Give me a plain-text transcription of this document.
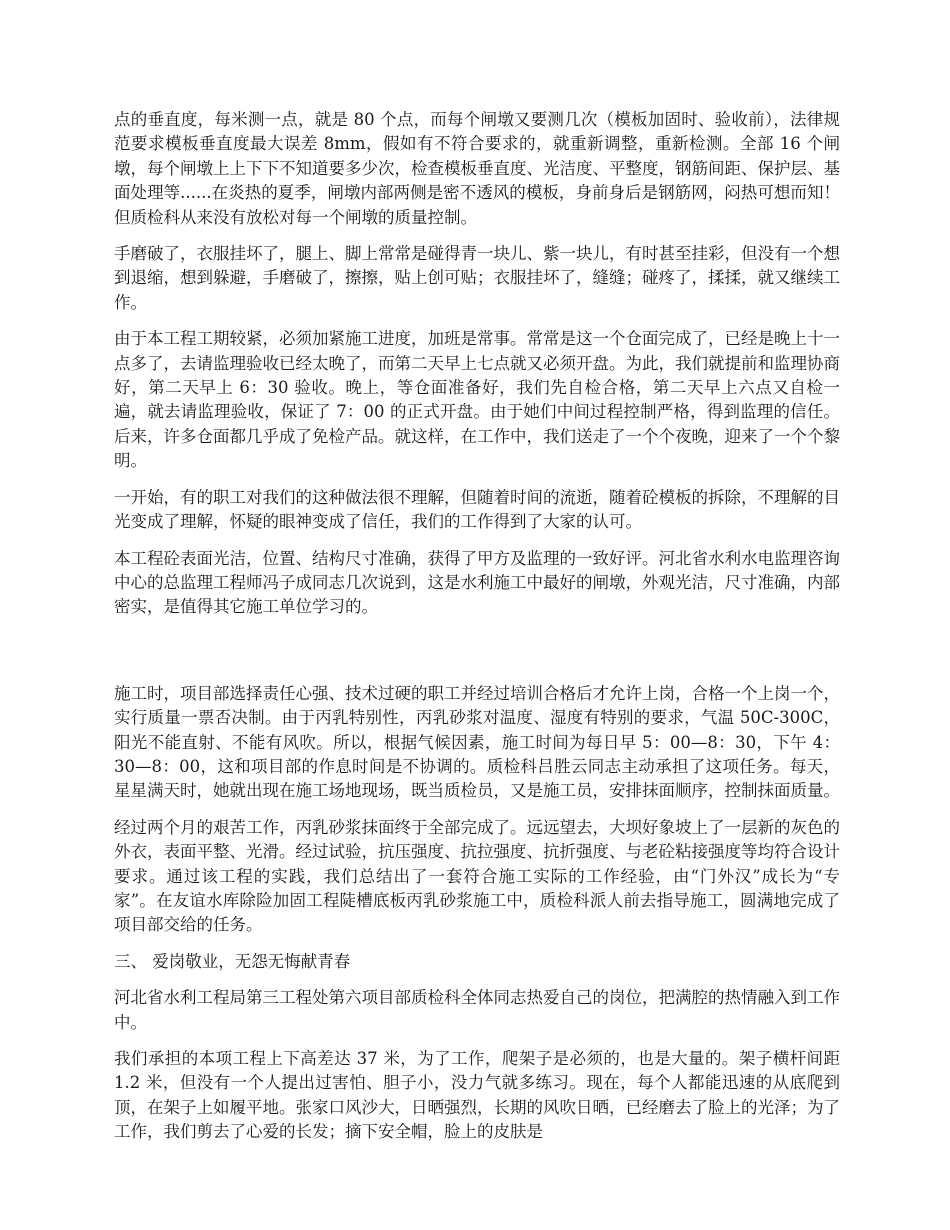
点的垂直度，每米测一点，就是 80 个点，而每个闸墩又要测几次（模板加固时、验收前），法律规范要求模板垂直度最大误差 8mm，假如有不符合要求的，就重新调整，重新检测。全部 16 个闸墩，每个闸墩上上下下不知道要多少次，检查模板垂直度、光洁度、平整度，钢筋间距、保护层、基面处理等......在炎热的夏季，闸墩内部两侧是密不透风的模板，身前身后是钢筋网，闷热可想而知！但质检科从来没有放松对每一个闸墩的质量控制。

手磨破了，衣服挂坏了，腿上、脚上常常是碰得青一块儿、紫一块儿，有时甚至挂彩，但没有一个想到退缩，想到躲避，手磨破了，擦擦，贴上创可贴；衣服挂坏了，缝缝；碰疼了，揉揉，就又继续工作。

由于本工程工期较紧，必须加紧施工进度，加班是常事。常常是这一个仓面完成了，已经是晚上十一点多了，去请监理验收已经太晚了，而第二天早上七点就又必须开盘。为此，我们就提前和监理协商好，第二天早上 6：30 验收。晚上，等仓面准备好，我们先自检合格，第二天早上六点又自检一遍，就去请监理验收，保证了 7：00 的正式开盘。由于她们中间过程控制严格，得到监理的信任。后来，许多仓面都几乎成了免检产品。就这样，在工作中，我们送走了一个个夜晚，迎来了一个个黎明。

一开始，有的职工对我们的这种做法很不理解，但随着时间的流逝，随着砼模板的拆除，不理解的目光变成了理解，怀疑的眼神变成了信任，我们的工作得到了大家的认可。

本工程砼表面光洁，位置、结构尺寸准确，获得了甲方及监理的一致好评。河北省水利水电监理咨询中心的总监理工程师冯子成同志几次说到，这是水利施工中最好的闸墩，外观光洁，尺寸准确，内部密实，是值得其它施工单位学习的。

施工时，项目部选择责任心强、技术过硬的职工并经过培训合格后才允许上岗，合格一个上岗一个，实行质量一票否决制。由于丙乳特别性，丙乳砂浆对温度、湿度有特别的要求，气温 50C-300C，阳光不能直射、不能有风吹。所以，根据气候因素，施工时间为每日早 5：00—8：30，下午 4：30—8：00，这和项目部的作息时间是不协调的。质检科吕胜云同志主动承担了这项任务。每天，星星满天时，她就出现在施工场地现场，既当质检员，又是施工员，安排抹面顺序，控制抹面质量。

经过两个月的艰苦工作，丙乳砂浆抹面终于全部完成了。远远望去，大坝好象坡上了一层新的灰色的外衣，表面平整、光滑。经过试验，抗压强度、抗拉强度、抗折强度、与老砼粘接强度等均符合设计要求。通过该工程的实践，我们总结出了一套符合施工实际的工作经验，由“门外汉”成长为“专家”。在友谊水库除险加固工程陡槽底板丙乳砂浆施工中，质检科派人前去指导施工，圆满地完成了项目部交给的任务。

三、 爱岗敬业，无怨无悔献青春

河北省水利工程局第三工程处第六项目部质检科全体同志热爱自己的岗位，把满腔的热情融入到工作中。

我们承担的本项工程上下高差达 37 米，为了工作，爬架子是必须的，也是大量的。架子横杆间距 1.2 米，但没有一个人提出过害怕、胆子小，没力气就多练习。现在，每个人都能迅速的从底爬到顶，在架子上如履平地。张家口风沙大，日晒强烈，长期的风吹日晒，已经磨去了脸上的光泽；为了工作，我们剪去了心爱的长发；摘下安全帽，脸上的皮肤是
